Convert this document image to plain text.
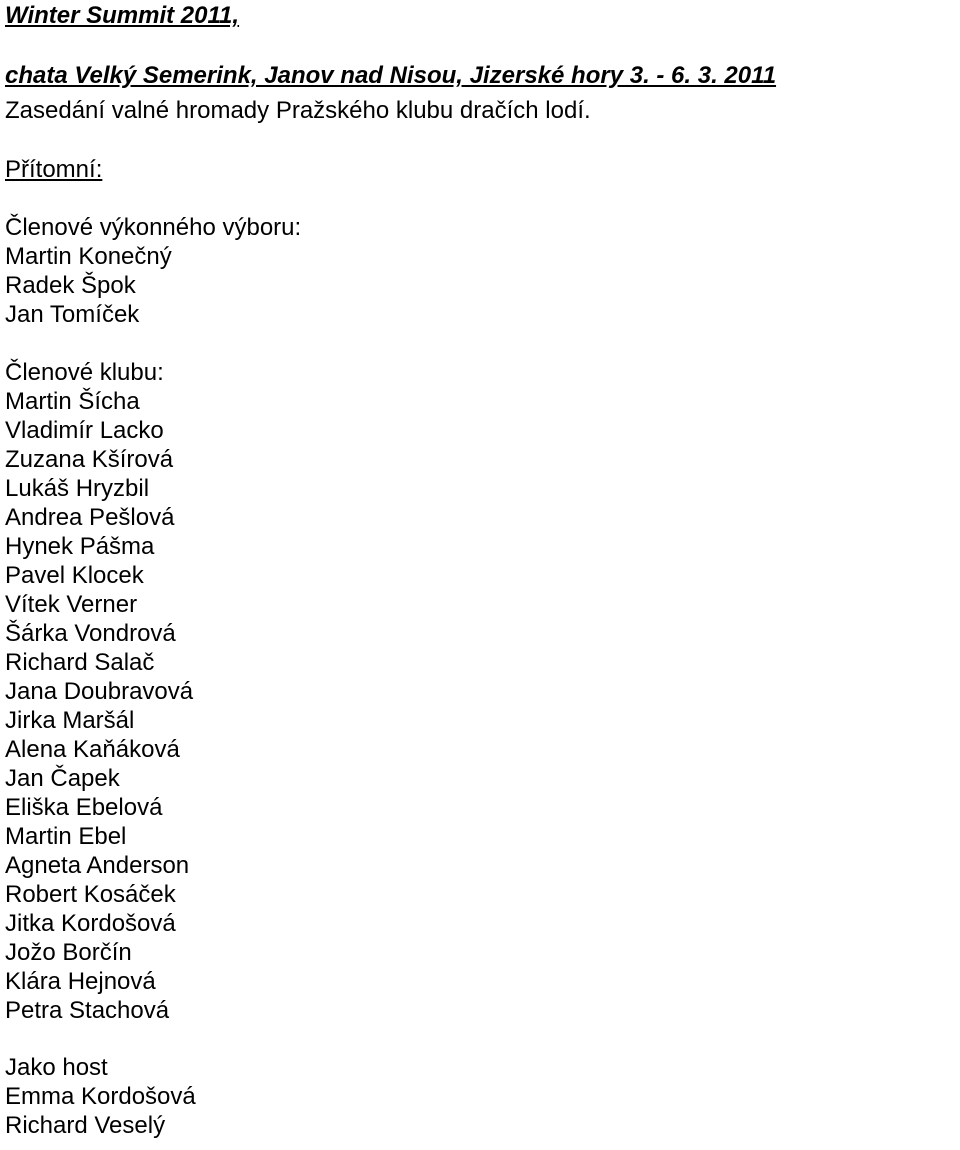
Winter Summit 2011,
chata Velký Semerink, Janov nad Nisou, Jizerské hory 3. - 6. 3. 2011
Zasedání valné hromady Pražského klubu dračích lodí.
Přítomní:
Členové výkonného výboru:
Martin Konečný
Radek Špok
Jan Tomíček
Členové klubu:
Martin Šícha
Vladimír Lacko
Zuzana Kšírová
Lukáš Hryzbil
Andrea Pešlová
Hynek Pášma
Pavel Klocek
Vítek Verner
Šárka Vondrová
Richard Salač
Jana Doubravová
Jirka Maršál
Alena Kaňáková
Jan Čapek
Eliška Ebelová
Martin Ebel
Agneta Anderson
Robert Kosáček
Jitka Kordošová
Jožo Borčín
Klára Hejnová
Petra Stachová
Jako host
Emma Kordošová
Richard Veselý
